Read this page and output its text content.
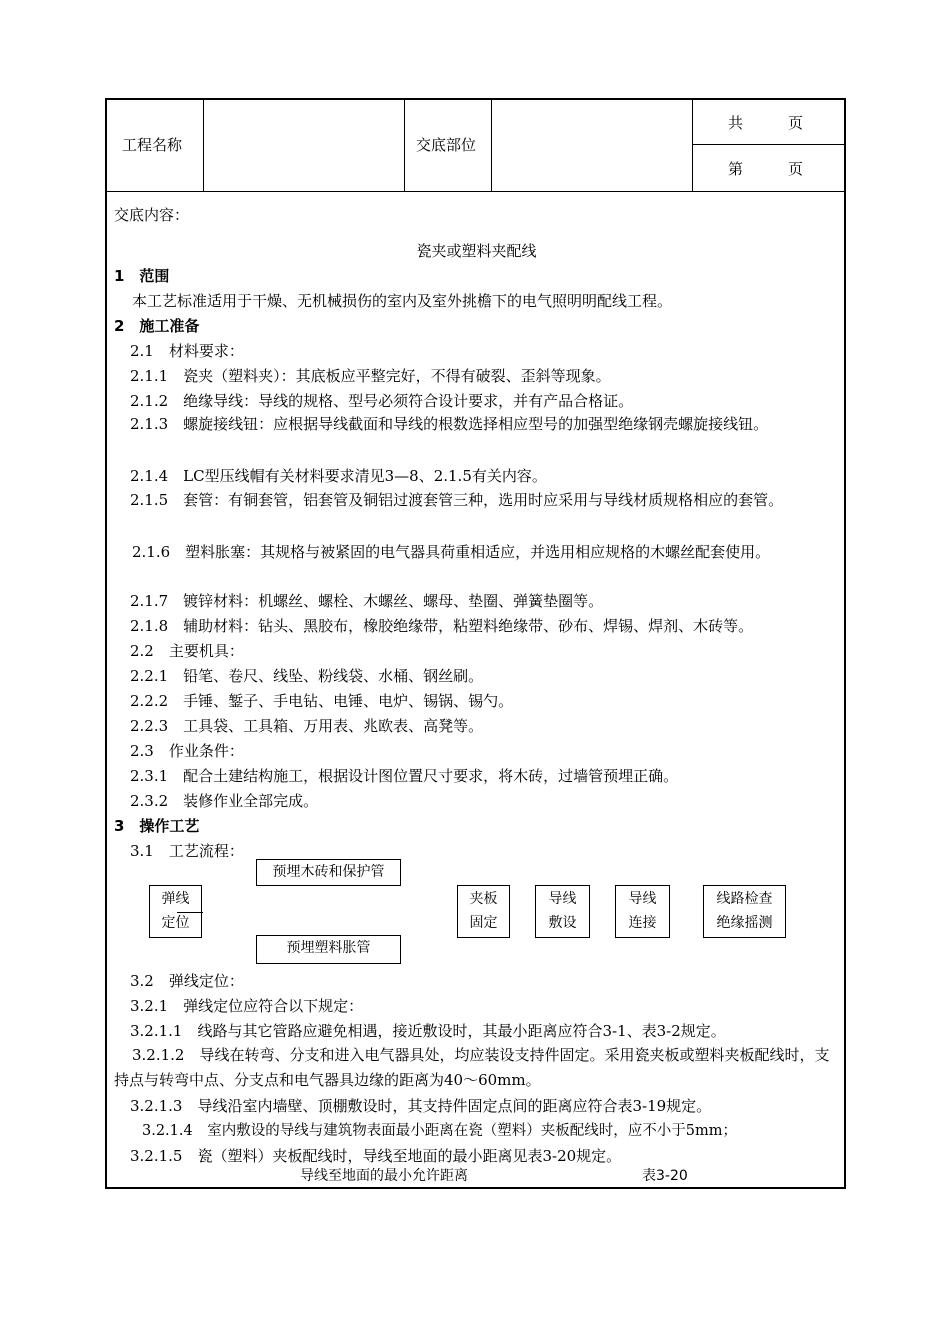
工程名称	交底部位
共　　　页
第　　　页
交底内容：
瓷夹或塑料夹配线
1　范围
本工艺标准适用于干燥、无机械损伤的室内及室外挑檐下的电气照明明配线工程。
2　施工准备
2.1　材料要求：
2.1.1　瓷夹（塑料夹）：其底板应平整完好，不得有破裂、歪斜等现象。
2.1.2　绝缘导线：导线的规格、型号必须符合设计要求，并有产品合格证。
2.1.3　螺旋接线钮：应根据导线截面和导线的根数选择相应型号的加强型绝缘钢壳螺旋接线钮。
2.1.4　LC型压线帽有关材料要求清见3—8、2.1.5有关内容。
2.1.5　套管：有铜套管，铝套管及铜铝过渡套管三种，选用时应采用与导线材质规格相应的套管。
2.1.6　塑料胀塞：其规格与被紧固的电气器具荷重相适应，并选用相应规格的木螺丝配套使用。
2.1.7　镀锌材料：机螺丝、螺栓、木螺丝、螺母、垫圈、弹簧垫圈等。
2.1.8　辅助材料：钻头、黑胶布，橡胶绝缘带，粘塑料绝缘带、砂布、焊锡、焊剂、木砖等。
2.2　主要机具：
2.2.1　铅笔、卷尺、线坠、粉线袋、水桶、钢丝刷。
2.2.2　手锤、錾子、手电钻、电锤、电炉、锡锅、锡勺。
2.2.3　工具袋、工具箱、万用表、兆欧表、高凳等。
2.3　作业条件：
2.3.1　配合土建结构施工，根据设计图位置尺寸要求，将木砖，过墙管预埋正确。
2.3.2　装修作业全部完成。
3　操作工艺
3.1　工艺流程：
3.2　弹线定位：
3.2.1　弹线定位应符合以下规定：
3.2.1.1　线路与其它管路应避免相遇，接近敷设时，其最小距离应符合3-1、表3-2规定。
3.2.1.2　导线在转弯、分支和进入电气器具处，均应装设支持件固定。采用瓷夹板或塑料夹板配线时，支持点与转弯中点、分支点和电气器具边缘的距离为40～60mm。
3.2.1.3　导线沿室内墙壁、顶棚敷设时，其支持件固定点间的距离应符合表3-19规定。
3.2.1.4　室内敷设的导线与建筑物表面最小距离在瓷（塑料）夹板配线时，应不小于5mm；
3.2.1.5　瓷（塑料）夹板配线时，导线至地面的最小距离见表3-20规定。
预埋木砖和保护管
预埋塑料胀管
弹线
定位
夹板
固定
导线
敷设
导线
连接
线路检查
绝缘摇测
导线至地面的最小允许距离	表3-20
